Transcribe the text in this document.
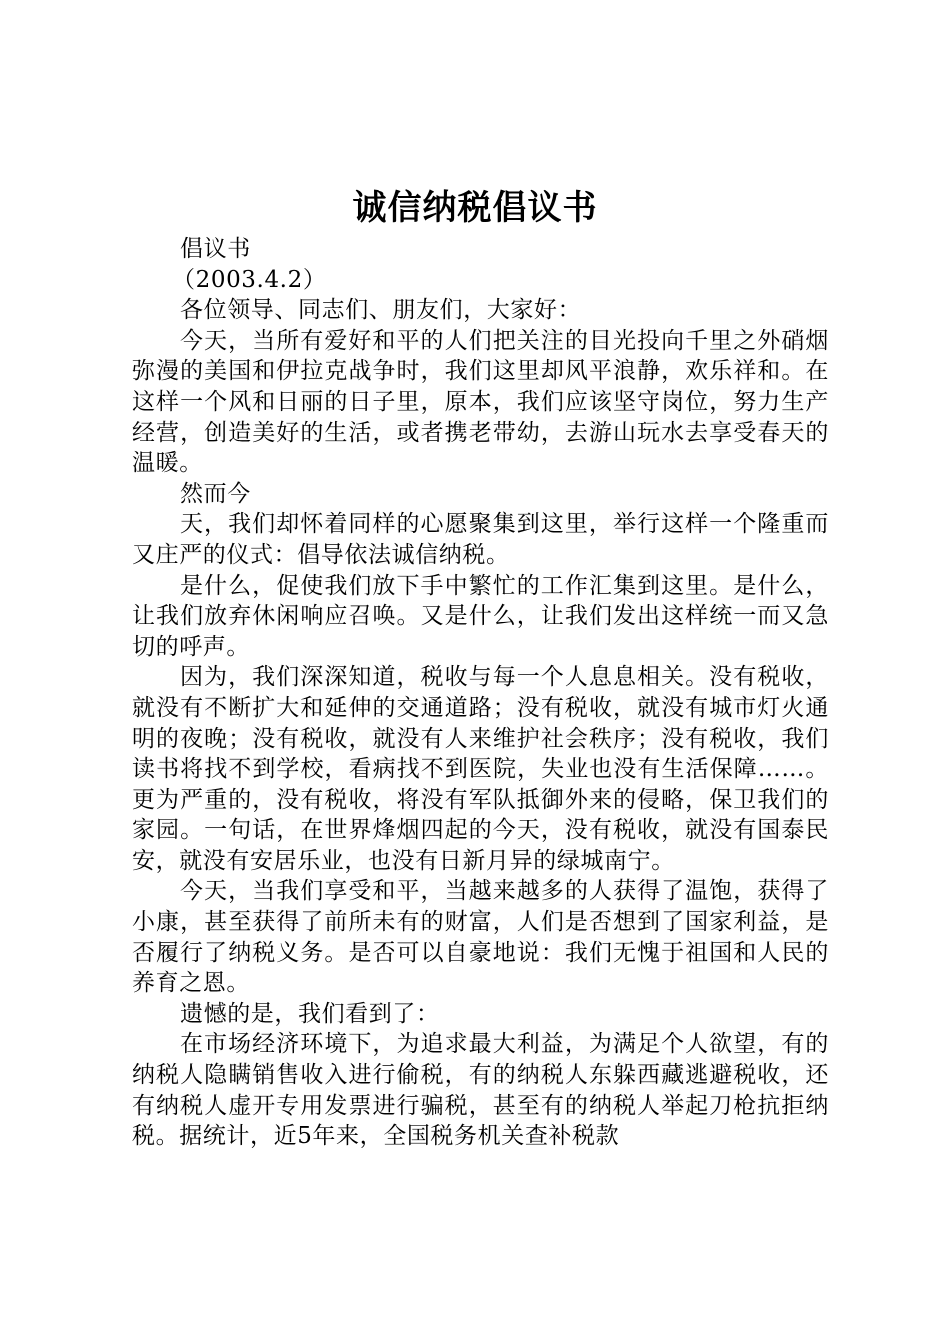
诚信纳税倡议书

倡议书

（2003.4.2）

各位领导、同志们、朋友们，大家好：

今天，当所有爱好和平的人们把关注的目光投向千里之外硝烟弥漫的美国和伊拉克战争时，我们这里却风平浪静，欢乐祥和。在这样一个风和日丽的日子里，原本，我们应该坚守岗位，努力生产经营，创造美好的生活，或者携老带幼，去游山玩水去享受春天的温暖。

然而今

天，我们却怀着同样的心愿聚集到这里，举行这样一个隆重而又庄严的仪式：倡导依法诚信纳税。

是什么，促使我们放下手中繁忙的工作汇集到这里。是什么，让我们放弃休闲响应召唤。又是什么，让我们发出这样统一而又急切的呼声。

因为，我们深深知道，税收与每一个人息息相关。没有税收，就没有不断扩大和延伸的交通道路；没有税收，就没有城市灯火通明的夜晚；没有税收，就没有人来维护社会秩序；没有税收，我们读书将找不到学校，看病找不到医院，失业也没有生活保障……。更为严重的，没有税收，将没有军队抵御外来的侵略，保卫我们的家园。一句话，在世界烽烟四起的今天，没有税收，就没有国泰民安，就没有安居乐业，也没有日新月异的绿城南宁。

今天，当我们享受和平，当越来越多的人获得了温饱，获得了小康，甚至获得了前所未有的财富，人们是否想到了国家利益，是否履行了纳税义务。是否可以自豪地说：我们无愧于祖国和人民的养育之恩。

遗憾的是，我们看到了：

在市场经济环境下，为追求最大利益，为满足个人欲望，有的纳税人隐瞒销售收入进行偷税，有的纳税人东躲西藏逃避税收，还有纳税人虚开专用发票进行骗税，甚至有的纳税人举起刀枪抗拒纳税。据统计，近5年来，全国税务机关查补税款
